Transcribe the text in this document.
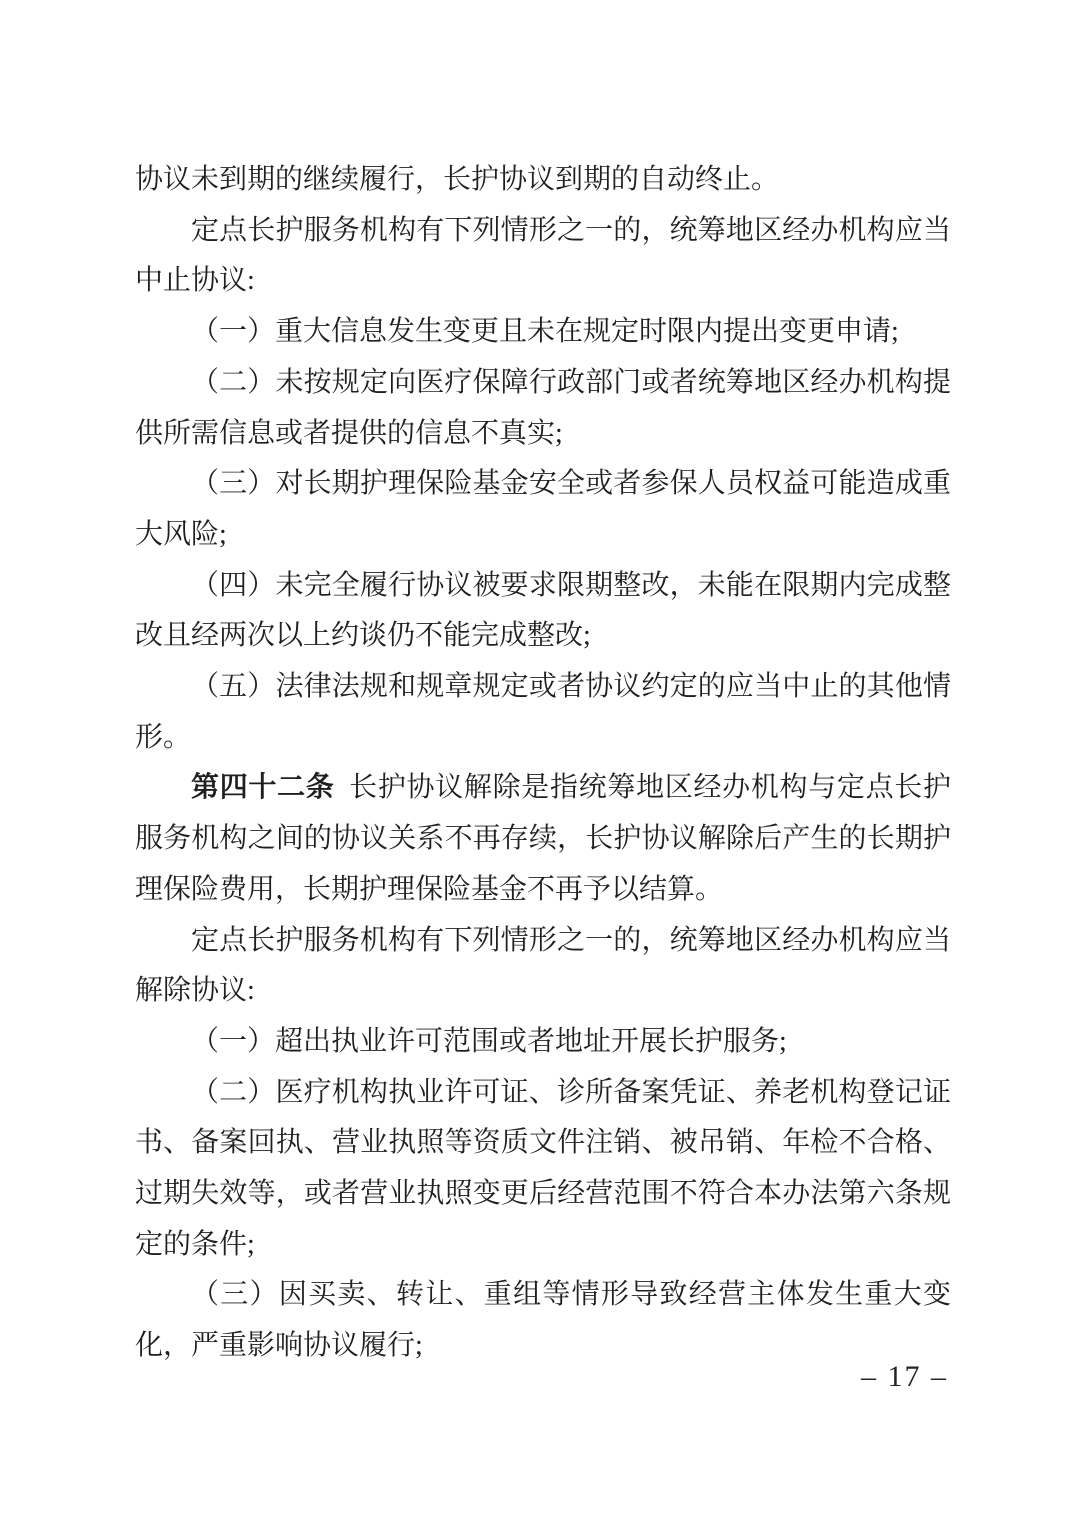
协议未到期的继续履行，长护协议到期的自动终止。

定点长护服务机构有下列情形之一的，统筹地区经办机构应当中止协议:

（一）重大信息发生变更且未在规定时限内提出变更申请;

（二）未按规定向医疗保障行政部门或者统筹地区经办机构提供所需信息或者提供的信息不真实;

（三）对长期护理保险基金安全或者参保人员权益可能造成重大风险;

（四）未完全履行协议被要求限期整改，未能在限期内完成整改且经两次以上约谈仍不能完成整改;

（五）法律法规和规章规定或者协议约定的应当中止的其他情形。

第四十二条  长护协议解除是指统筹地区经办机构与定点长护服务机构之间的协议关系不再存续，长护协议解除后产生的长期护理保险费用，长期护理保险基金不再予以结算。

定点长护服务机构有下列情形之一的，统筹地区经办机构应当解除协议:

（一）超出执业许可范围或者地址开展长护服务;

（二）医疗机构执业许可证、诊所备案凭证、养老机构登记证书、备案回执、营业执照等资质文件注销、被吊销、年检不合格、过期失效等，或者营业执照变更后经营范围不符合本办法第六条规定的条件;

（三）因买卖、转让、重组等情形导致经营主体发生重大变化，严重影响协议履行;

– 17 –
